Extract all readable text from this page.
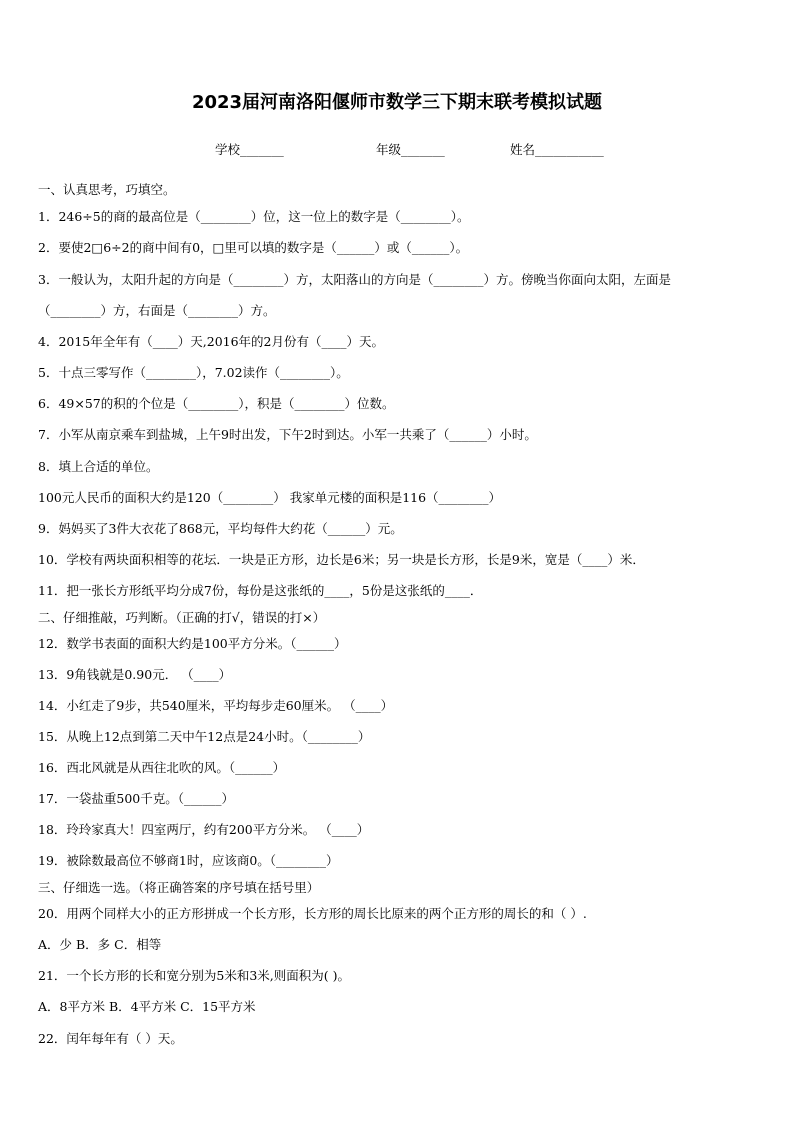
2023届河南洛阳偃师市数学三下期末联考模拟试题
学校_______	年级_______	姓名___________
一、认真思考，巧填空。
1．246÷5的商的最高位是（________）位，这一位上的数字是（________）。
2．要使2□6÷2的商中间有0，□里可以填的数字是（______）或（______）。
3．一般认为，太阳升起的方向是（________）方，太阳落山的方向是（________）方。傍晚当你面向太阳，左面是
（________）方，右面是（________）方。
4．2015年全年有（____）天,2016年的2月份有（____）天。
5．十点三零写作（________），7.02读作（________）。
6．49×57的积的个位是（________），积是（________）位数。
7．小军从南京乘车到盐城，上午9时出发，下午2时到达。小军一共乘了（______）小时。
8．填上合适的单位。
100元人民币的面积大约是120（________） 我家单元楼的面积是116（________）
9．妈妈买了3件大衣花了868元，平均每件大约花（______）元。
10．学校有两块面积相等的花坛．一块是正方形，边长是6米；另一块是长方形，长是9米，宽是（____）米．
11．把一张长方形纸平均分成7份，每份是这张纸的____，5份是这张纸的____．
二、仔细推敲，巧判断。（正确的打√，错误的打×）
12．数学书表面的面积大约是100平方分米。（______）
13．9角钱就是0.90元． （____）
14．小红走了9步，共540厘米，平均每步走60厘米。 （____）
15．从晚上12点到第二天中午12点是24小时。（________）
16．西北风就是从西往北吹的风。（______）
17．一袋盐重500千克。（______）
18．玲玲家真大！四室两厅，约有200平方分米。 （____）
19．被除数最高位不够商1时，应该商0。（________）
三、仔细选一选。（将正确答案的序号填在括号里）
20．用两个同样大小的正方形拼成一个长方形，长方形的周长比原来的两个正方形的周长的和（ ）.
A．少 B．多 C．相等
21．一个长方形的长和宽分别为5米和3米,则面积为( )。
A．8平方米 B．4平方米 C．15平方米
22．闰年每年有（ ）天。
